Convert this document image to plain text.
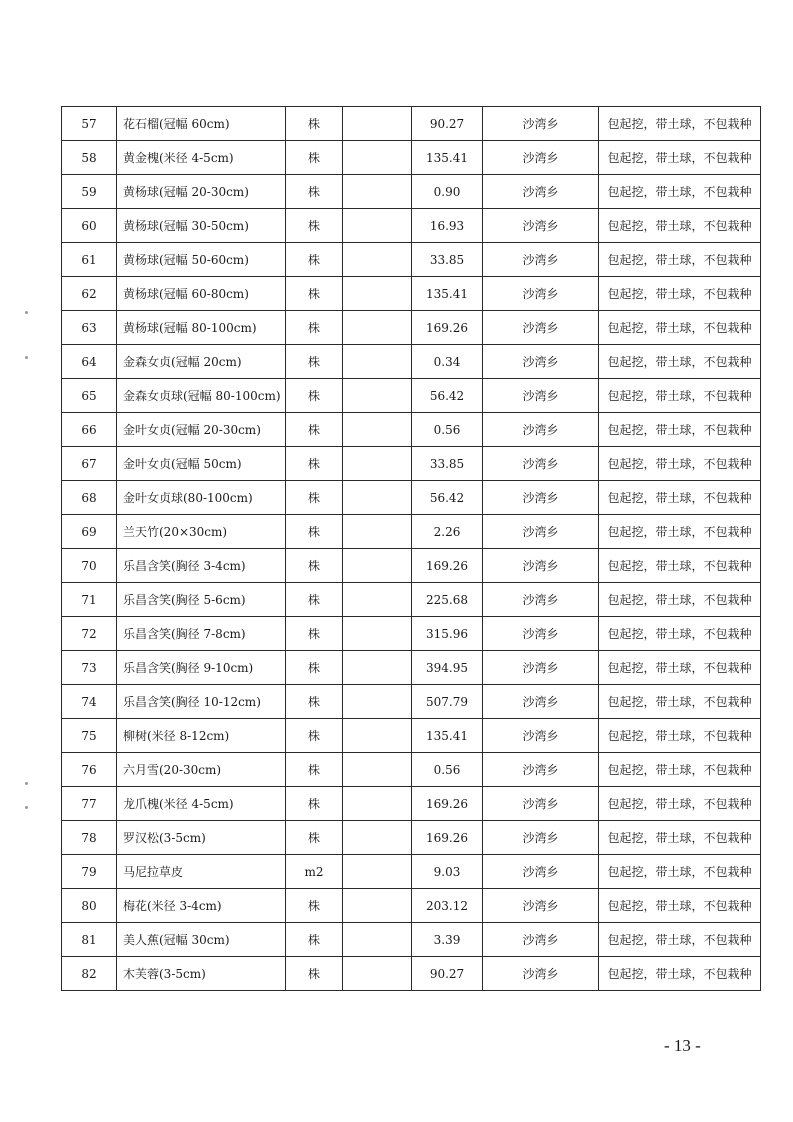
57	花石榴(冠幅 60cm)	株		90.27	沙湾乡	包起挖，带土球，不包栽种
58	黄金槐(米径 4-5cm)	株		135.41	沙湾乡	包起挖，带土球，不包栽种
59	黄杨球(冠幅 20-30cm)	株		0.90	沙湾乡	包起挖，带土球，不包栽种
60	黄杨球(冠幅 30-50cm)	株		16.93	沙湾乡	包起挖，带土球，不包栽种
61	黄杨球(冠幅 50-60cm)	株		33.85	沙湾乡	包起挖，带土球，不包栽种
62	黄杨球(冠幅 60-80cm)	株		135.41	沙湾乡	包起挖，带土球，不包栽种
63	黄杨球(冠幅 80-100cm)	株		169.26	沙湾乡	包起挖，带土球，不包栽种
64	金森女贞(冠幅 20cm)	株		0.34	沙湾乡	包起挖，带土球，不包栽种
65	金森女贞球(冠幅 80-100cm)	株		56.42	沙湾乡	包起挖，带土球，不包栽种
66	金叶女贞(冠幅 20-30cm)	株		0.56	沙湾乡	包起挖，带土球，不包栽种
67	金叶女贞(冠幅 50cm)	株		33.85	沙湾乡	包起挖，带土球，不包栽种
68	金叶女贞球(80-100cm)	株		56.42	沙湾乡	包起挖，带土球，不包栽种
69	兰天竹(20×30cm)	株		2.26	沙湾乡	包起挖，带土球，不包栽种
70	乐昌含笑(胸径 3-4cm)	株		169.26	沙湾乡	包起挖，带土球，不包栽种
71	乐昌含笑(胸径 5-6cm)	株		225.68	沙湾乡	包起挖，带土球，不包栽种
72	乐昌含笑(胸径 7-8cm)	株		315.96	沙湾乡	包起挖，带土球，不包栽种
73	乐昌含笑(胸径 9-10cm)	株		394.95	沙湾乡	包起挖，带土球，不包栽种
74	乐昌含笑(胸径 10-12cm)	株		507.79	沙湾乡	包起挖，带土球，不包栽种
75	柳树(米径 8-12cm)	株		135.41	沙湾乡	包起挖，带土球，不包栽种
76	六月雪(20-30cm)	株		0.56	沙湾乡	包起挖，带土球，不包栽种
77	龙爪槐(米径 4-5cm)	株		169.26	沙湾乡	包起挖，带土球，不包栽种
78	罗汉松(3-5cm)	株		169.26	沙湾乡	包起挖，带土球，不包栽种
79	马尼拉草皮	m2		9.03	沙湾乡	包起挖，带土球，不包栽种
80	梅花(米径 3-4cm)	株		203.12	沙湾乡	包起挖，带土球，不包栽种
81	美人蕉(冠幅 30cm)	株		3.39	沙湾乡	包起挖，带土球，不包栽种
82	木芙蓉(3-5cm)	株		90.27	沙湾乡	包起挖，带土球，不包栽种
- 13 -
